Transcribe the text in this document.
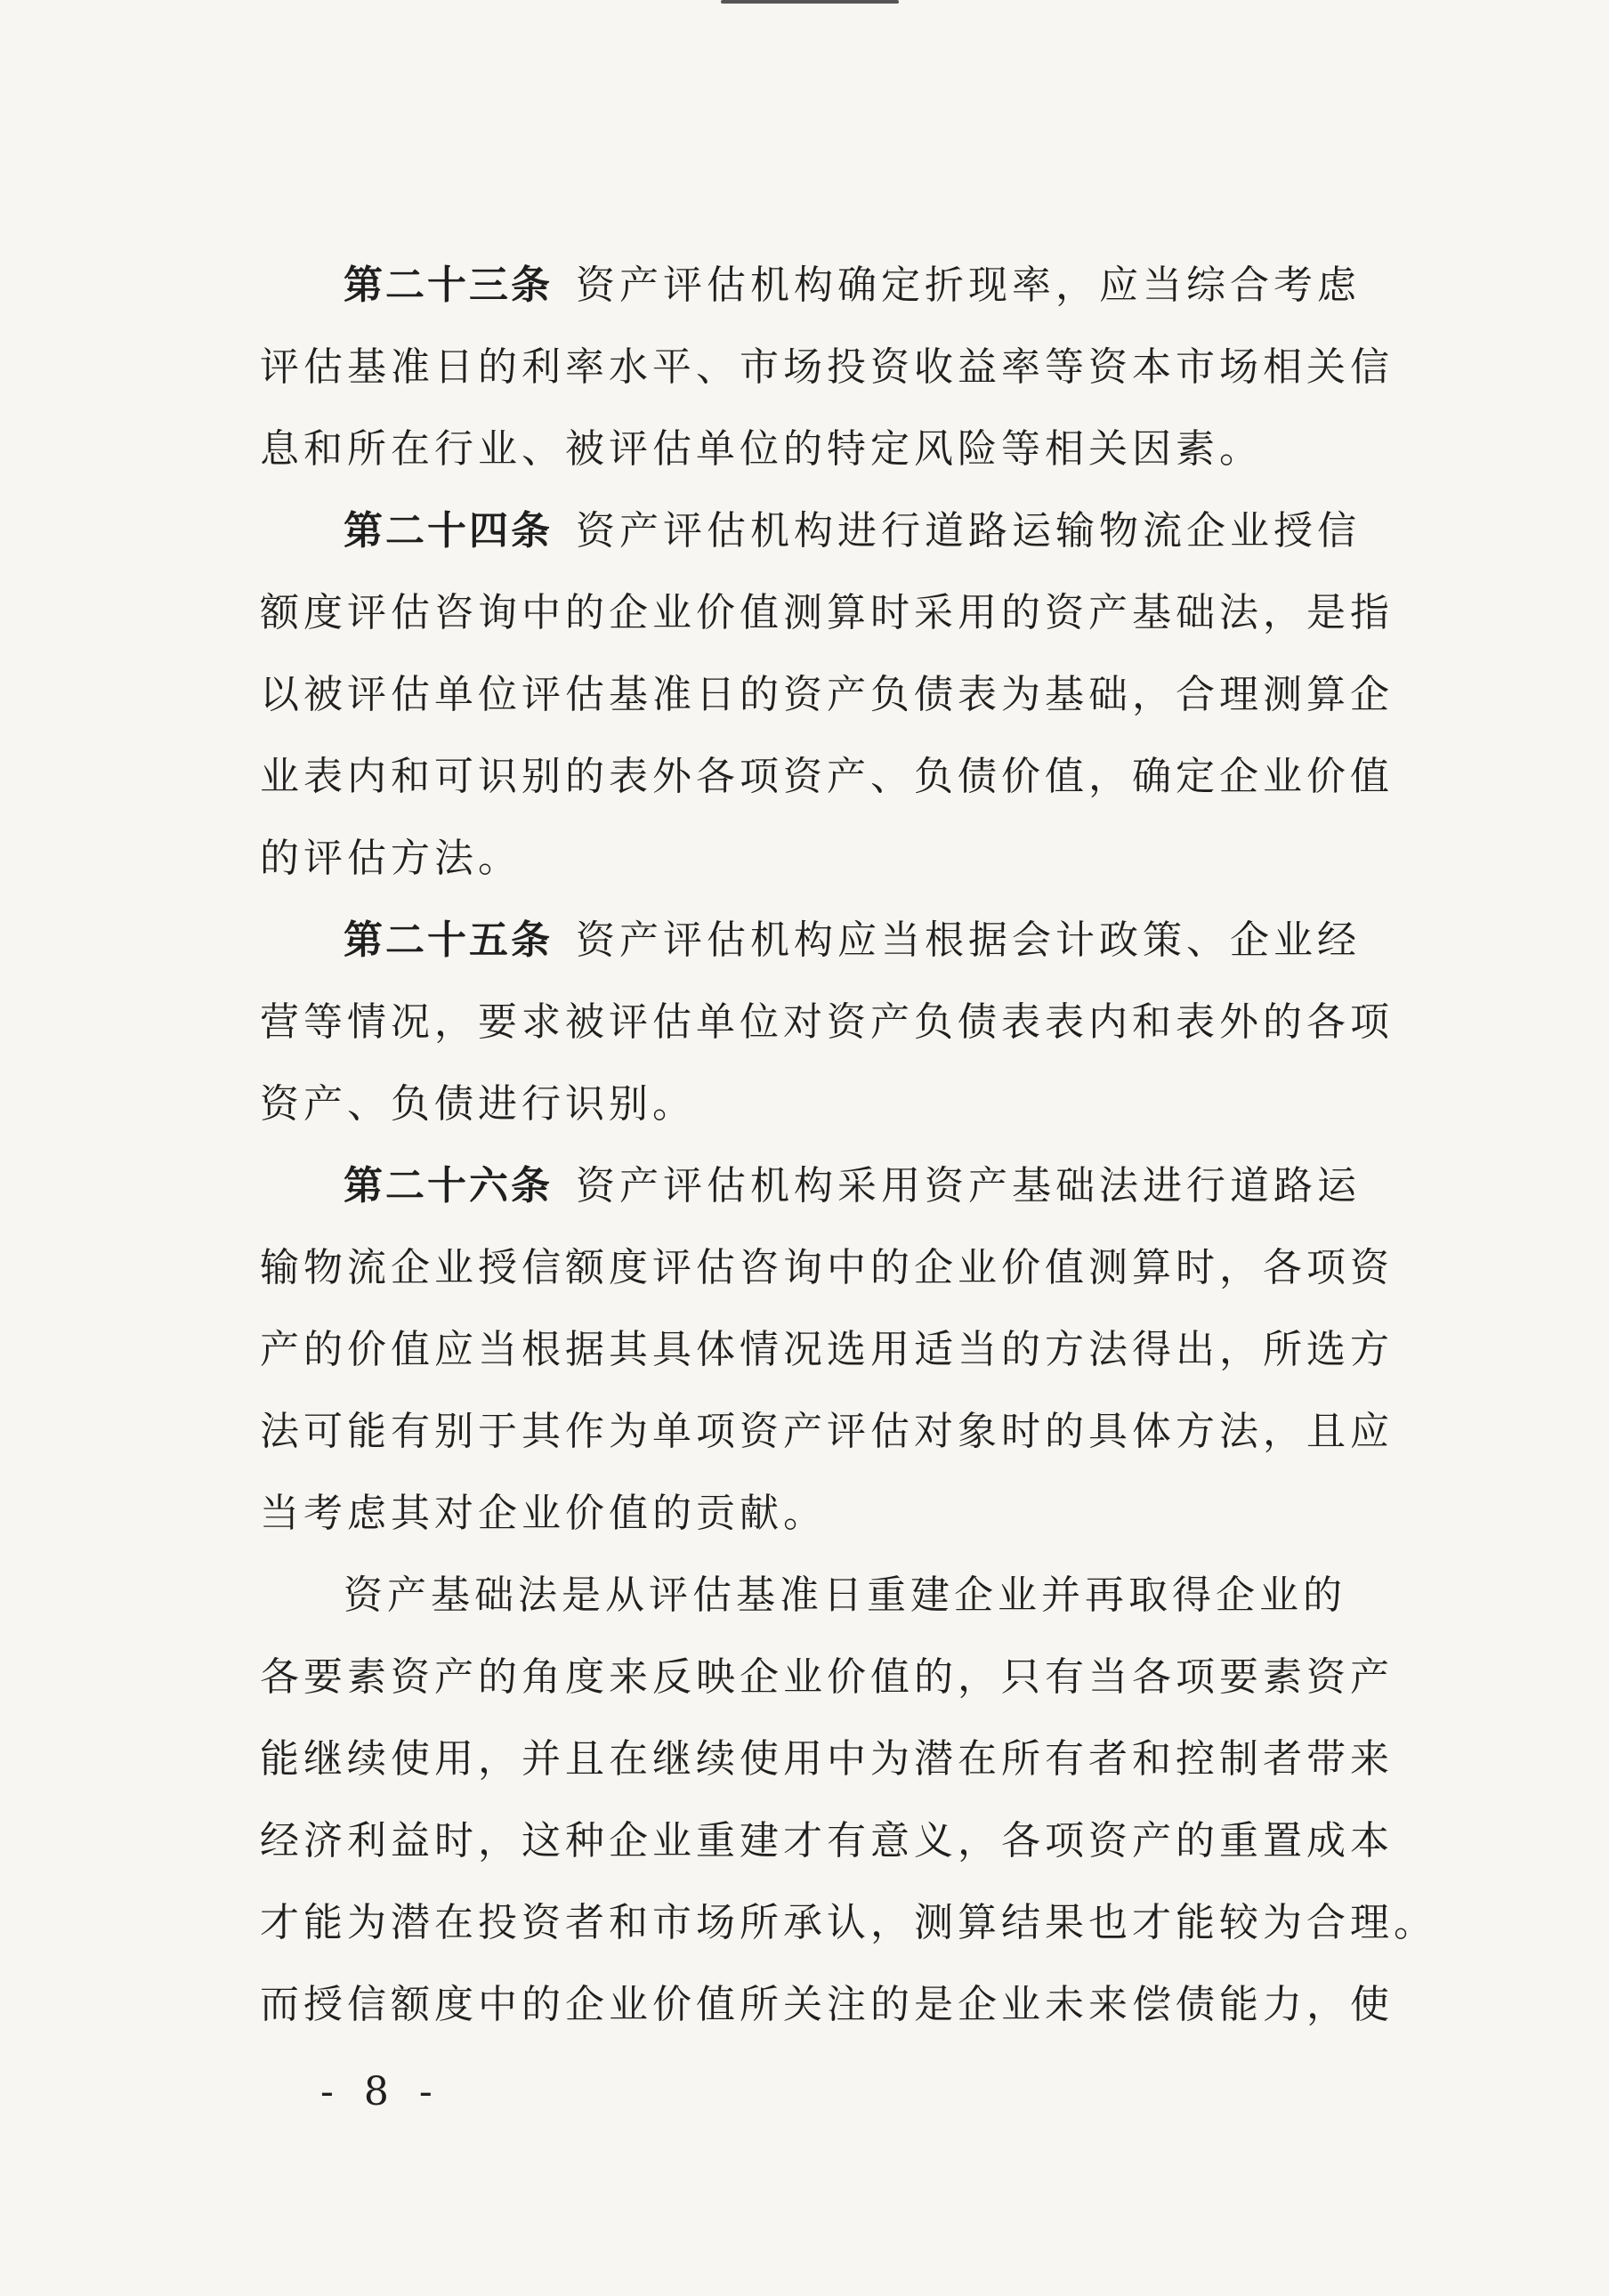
第二十三条 资产评估机构确定折现率，应当综合考虑
评估基准日的利率水平、市场投资收益率等资本市场相关信
息和所在行业、被评估单位的特定风险等相关因素。
第二十四条 资产评估机构进行道路运输物流企业授信
额度评估咨询中的企业价值测算时采用的资产基础法，是指
以被评估单位评估基准日的资产负债表为基础，合理测算企
业表内和可识别的表外各项资产、负债价值，确定企业价值
的评估方法。
第二十五条 资产评估机构应当根据会计政策、企业经
营等情况，要求被评估单位对资产负债表表内和表外的各项
资产、负债进行识别。
第二十六条 资产评估机构采用资产基础法进行道路运
输物流企业授信额度评估咨询中的企业价值测算时，各项资
产的价值应当根据其具体情况选用适当的方法得出，所选方
法可能有别于其作为单项资产评估对象时的具体方法，且应
当考虑其对企业价值的贡献。
资产基础法是从评估基准日重建企业并再取得企业的
各要素资产的角度来反映企业价值的，只有当各项要素资产
能继续使用，并且在继续使用中为潜在所有者和控制者带来
经济利益时，这种企业重建才有意义，各项资产的重置成本
才能为潜在投资者和市场所承认，测算结果也才能较为合理。
而授信额度中的企业价值所关注的是企业未来偿债能力，使
- 8 -
